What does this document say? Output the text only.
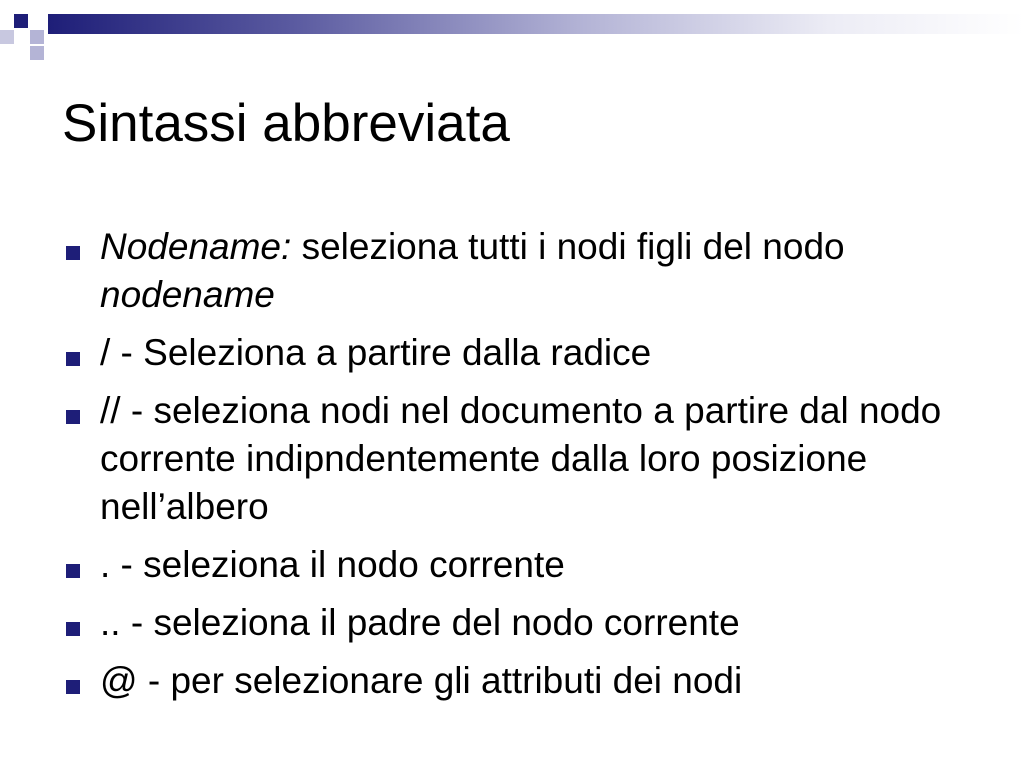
Sintassi abbreviata
Nodename: seleziona tutti i nodi figli del nodo nodename
/ - Seleziona a partire dalla radice
// - seleziona nodi nel documento a partire dal nodo corrente indipndentemente dalla loro posizione nell’albero
. - seleziona il nodo corrente
.. - seleziona il padre del nodo corrente
@ - per selezionare gli attributi dei nodi
